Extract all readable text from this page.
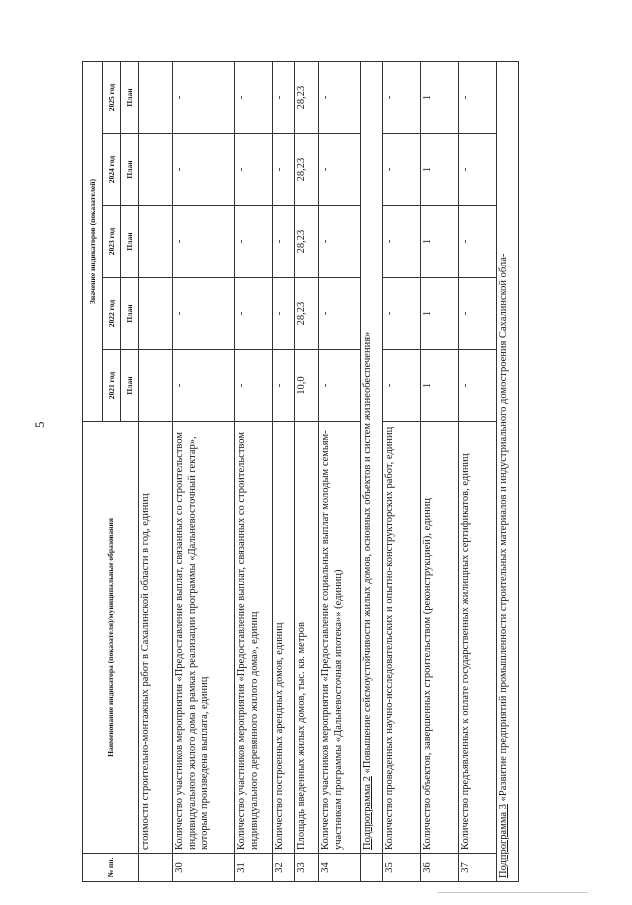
5
№ пп.	Наименование индикатора (показателя)/муниципальные образования	Значение индикаторов (показателей)				
		2021 год	2022 год	2023 год	2024 год	2025 год
		План	План	План	План	План
	стоимости строительно-монтажных работ в Сахалинской области в год, единиц					
30	Количество участников мероприятия «Предоставление выплат, связанных со строительством индивидуального жилого дома в рамках реализации программы «Дальневосточный гектар», которым произведена выплата, единиц	-	-	-	-	-
31	Количество участников мероприятия «Предоставление выплат, связанных со строительством индивидуального деревянного жилого дома», единиц	-	-	-	-	-
32	Количество построенных арендных домов, единиц	-	-	-	-	-
33	Площадь введенных жилых домов, тыс. кв. метров	10,0	28,23	28,23	28,23	28,23
34	Количество участников мероприятия «Предоставление социальных выплат молодым семьям-участникам программы «Дальневосточная ипотека»» (единиц)	-	-	-	-	-
	Подпрограмма 2 «Повышение сейсмоустойчивости жилых домов, основных объектов и систем жизнеобеспечения»					
35	Количество проведенных научно-исследовательских и опытно-конструкторских работ, единиц	-	-	-	-	-
36	Количество объектов, завершенных строительством (реконструкцией), единиц	1	1	1	1	1
37	Количество предъявленных к оплате государственных жилищных сертификатов, единиц	-	-	-	-	-
Подпрограмма 3 «Развитие предприятий промышленности строительных материалов и индустриального домостроения Сахалинской обла-						
